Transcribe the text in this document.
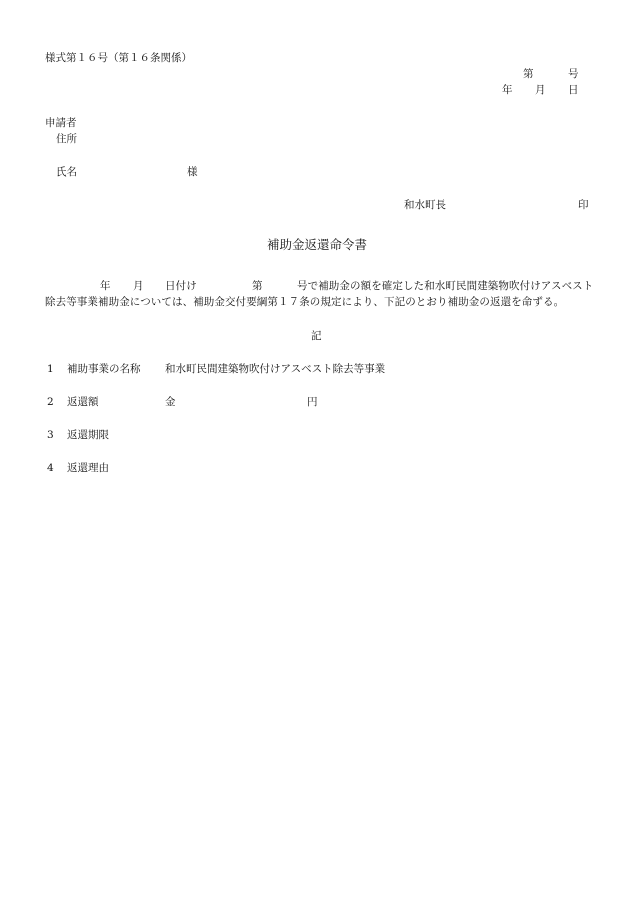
様式第１６号（第１６条関係）
第	号
年 月 日
申請者
住所
氏名	様
和水町長	印
補助金返還命令書
年 月 日付け	第	号で補助金の額を確定した和水町民間建築物吹付けアスベスト
除去等事業補助金については、補助金交付要綱第１７条の規定により、下記のとおり補助金の返還を命ずる。
記
1 補助事業の名称 和水町民間建築物吹付けアスベスト除去等事業
2 返還額	金	円
3 返還期限
4 返還理由
